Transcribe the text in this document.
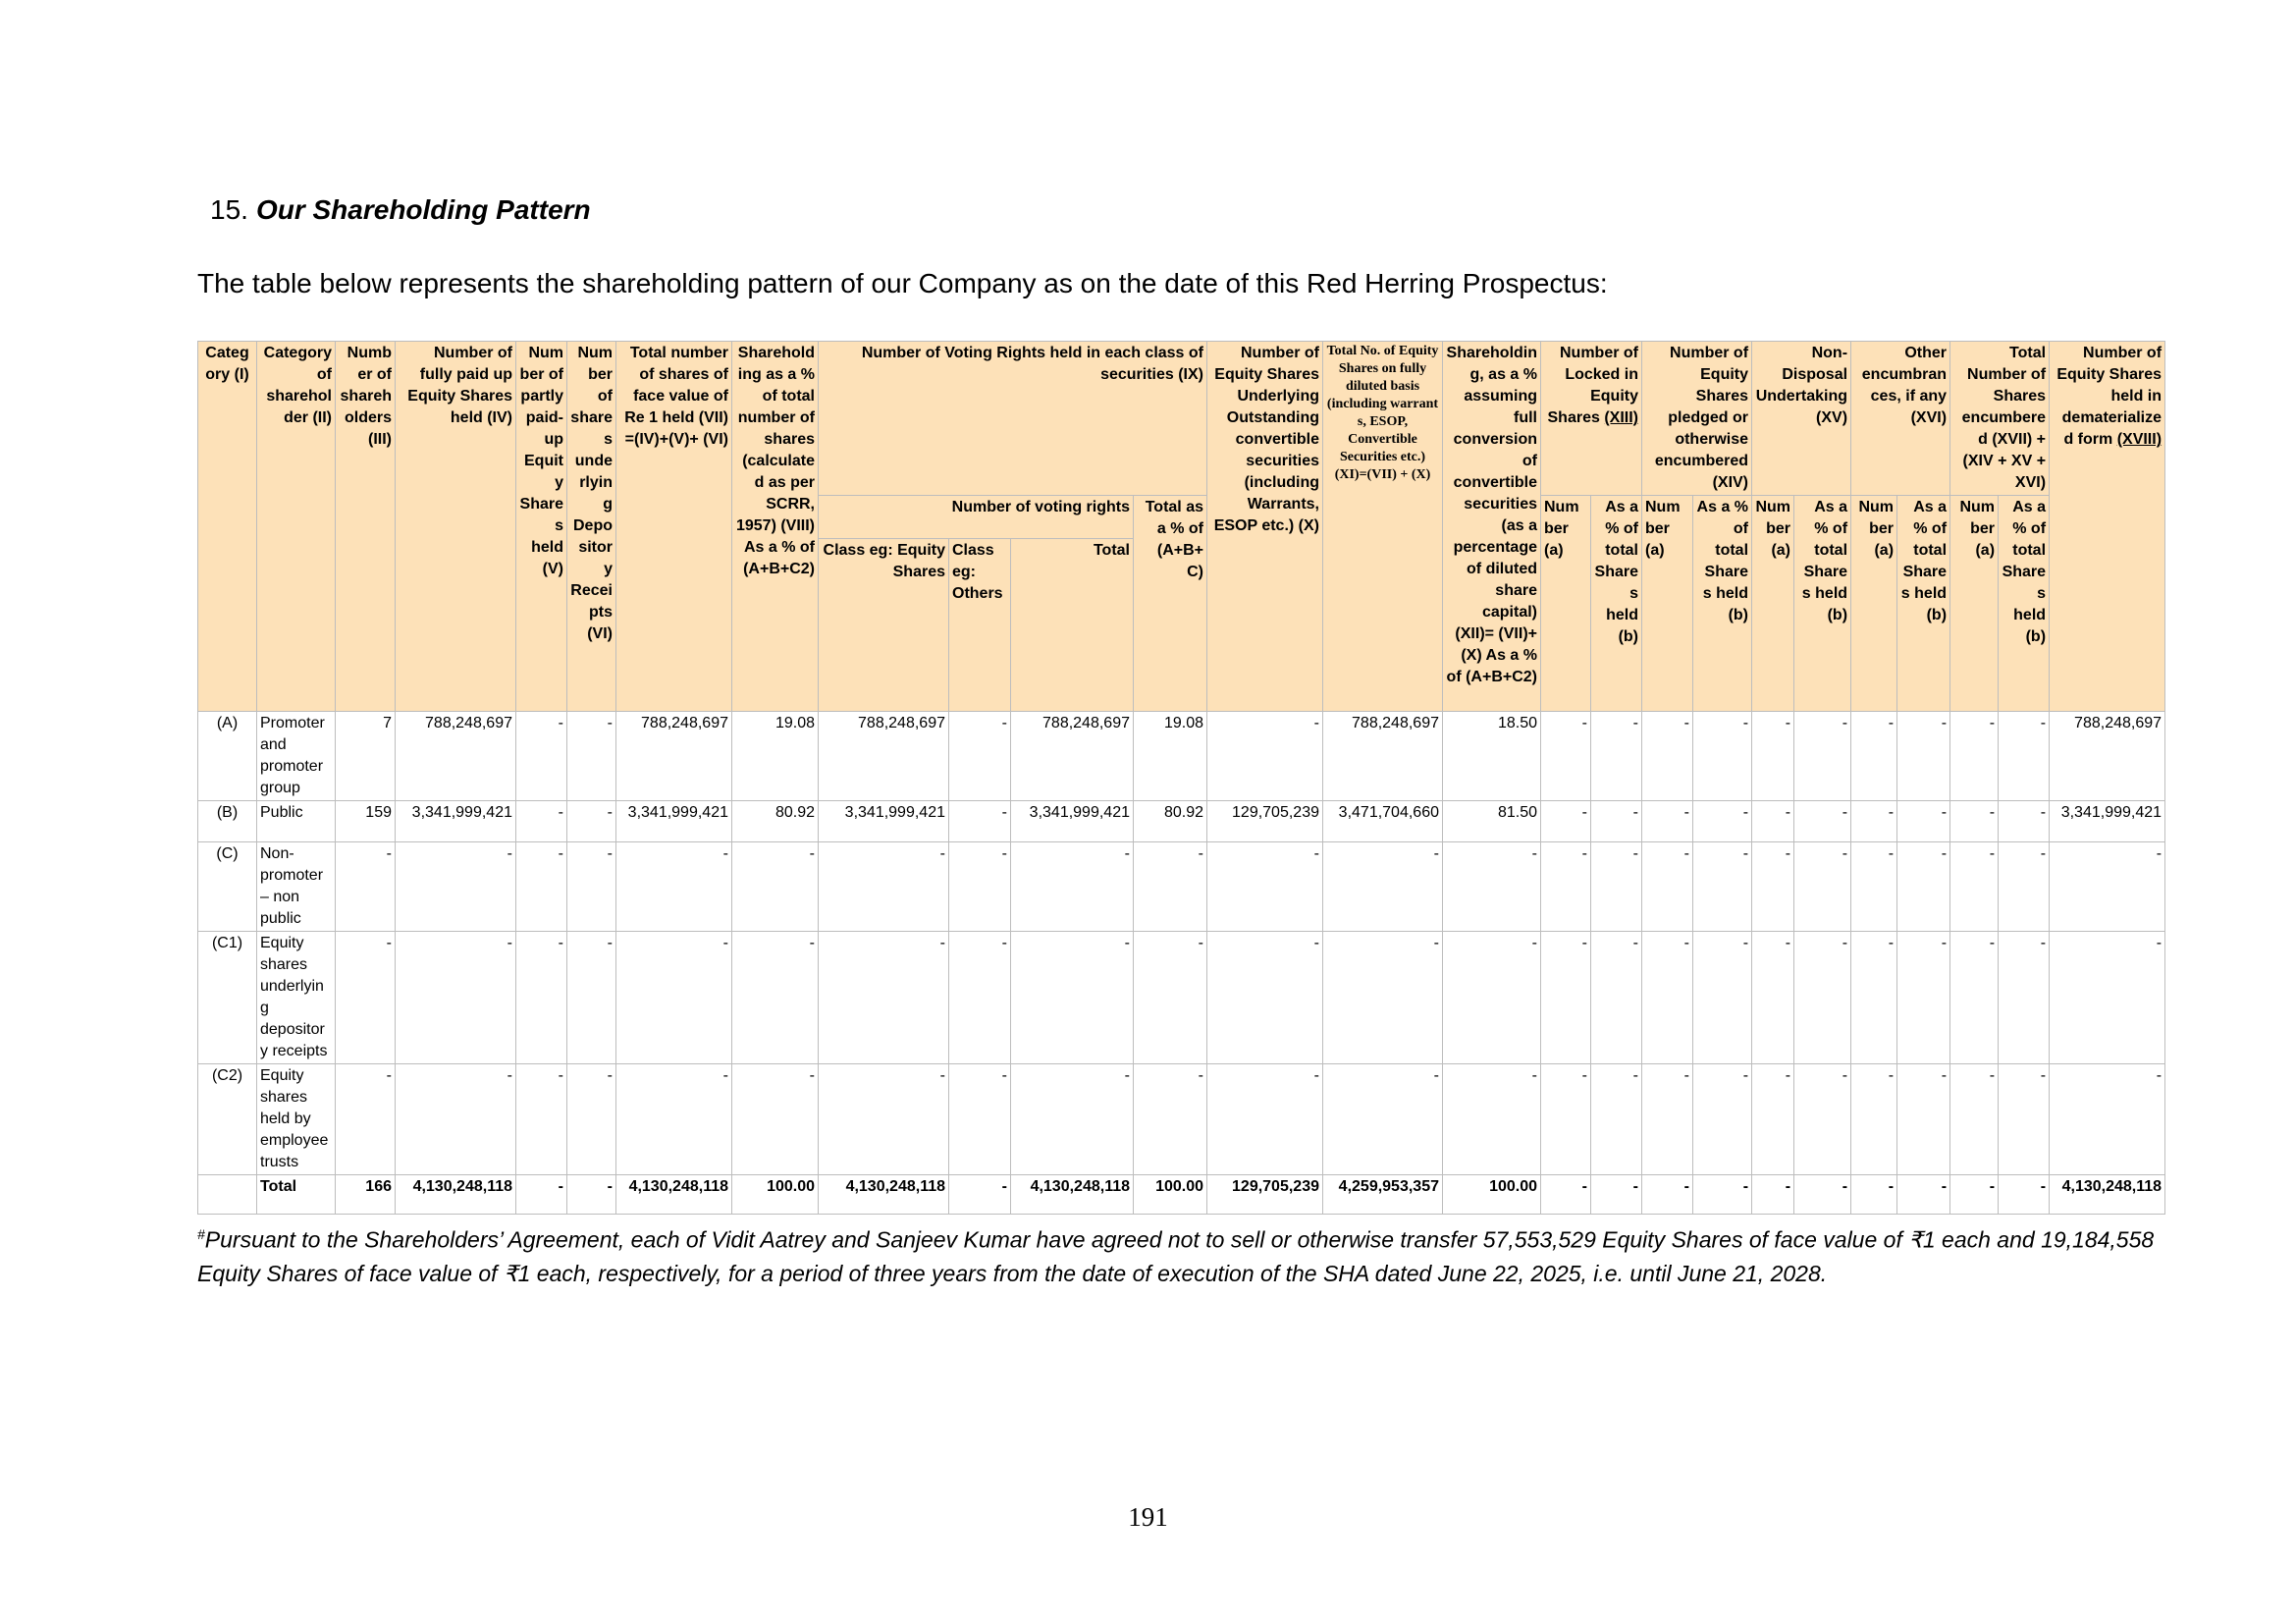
15. Our Shareholding Pattern
The table below represents the shareholding pattern of our Company as on the date of this Red Herring Prospectus:
Category (I)	Category of shareholder (II)	Number of shareholders (III)	Number of fully paid up Equity Shares held (IV)	Number of partly paid-up Equity Shares held (V)	Number of shares underlying Depository Receipts (VI)	Total number of shares of face value of Re 1 held (VII) =(IV)+(V)+ (VI)	Shareholding as a % of total number of shares (calculated as per SCRR, 1957) (VIII) As a % of (A+B+C2)	Number of Voting Rights held in each class of securities (IX)				Number of Equity Shares Underlying Outstanding convertible securities (including Warrants, ESOP etc.) (X)	Total No. of Equity Shares on fully diluted basis (including warrant s, ESOP, Convertible Securities etc.) (XI)=(VII) + (X)	Shareholding, as a % assuming full conversion of convertible securities (as a percentage of diluted share capital) (XII)= (VII)+(X) As a % of (A+B+C2)	Number of Locked in Equity Shares (XIII)		Number of Equity Shares pledged or otherwise encumbered (XIV)		Non-Disposal Undertaking (XV)		Other encumbrances, if any (XVI)		Total Number of Shares encumbered (XVII) + (XIV + XV + XVI)		Number of Equity Shares held in dematerialized form (XVIII)
								Number of voting rights			Total as a % of (A+B+ C)				Number (a)	As a % of total Shares held (b)	Number (a)	As a % of total Shares held (b)	Number (a)	As a % of total Shares held (b)	Number (a)	As a % of total Shares held (b)	Number (a)	As a % of total Shares held (b)	
								Class eg: Equity Shares	Class eg: Others	Total															
(A)	Promoter and promoter group	7	788,248,697	-	-	788,248,697	19.08	788,248,697	-	788,248,697	19.08	-	788,248,697	18.50	-	-	-	-	-	-	-	-	-	-	788,248,697
(B)	Public	159	3,341,999,421	-	-	3,341,999,421	80.92	3,341,999,421	-	3,341,999,421	80.92	129,705,239	3,471,704,660	81.50	-	-	-	-	-	-	-	-	-	-	3,341,999,421
(C)	Non-promoter – non public	-	-	-	-	-	-	-	-	-	-	-	-	-	-	-	-	-	-	-	-	-	-	-	-
(C1)	Equity shares underlying depository receipts	-	-	-	-	-	-	-	-	-	-	-	-	-	-	-	-	-	-	-	-	-	-	-	-
(C2)	Equity shares held by employee trusts	-	-	-	-	-	-	-	-	-	-	-	-	-	-	-	-	-	-	-	-	-	-	-	-
	Total	166	4,130,248,118	-	-	4,130,248,118	100.00	4,130,248,118	-	4,130,248,118	100.00	129,705,239	4,259,953,357	100.00	-	-	-	-	-	-	-	-	-	-	4,130,248,118
#Pursuant to the Shareholders’ Agreement, each of Vidit Aatrey and Sanjeev Kumar have agreed not to sell or otherwise transfer 57,553,529 Equity Shares of face value of ₹1 each and 19,184,558 Equity Shares of face value of ₹1 each, respectively, for a period of three years from the date of execution of the SHA dated June 22, 2025, i.e. until June 21, 2028.
191
